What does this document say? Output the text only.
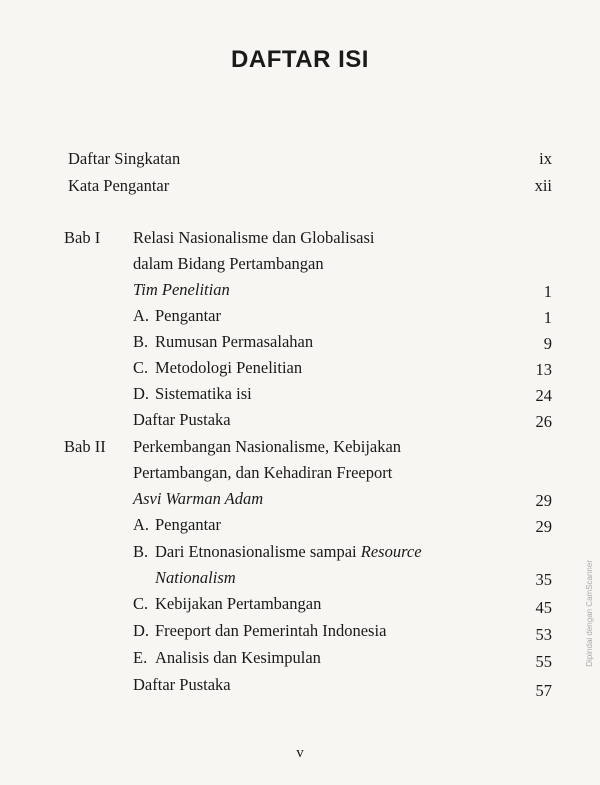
DAFTAR ISI
Daftar Singkatan	ix
Kata Pengantar	xii
Bab I Relasi Nasionalisme dan Globalisasi
dalam Bidang Pertambangan
Tim Penelitian	1
A. Pengantar	1
B. Rumusan Permasalahan	9
C. Metodologi Penelitian	13
D. Sistematika isi	24
Daftar Pustaka	26
Bab II Perkembangan Nasionalisme, Kebijakan
Pertambangan, dan Kehadiran Freeport
Asvi Warman Adam	29
A. Pengantar	29
B. Dari Etnonasionalisme sampai Resource
Nationalism	35
C. Kebijakan Pertambangan	45
D. Freeport dan Pemerintah Indonesia	53
E. Analisis dan Kesimpulan	55
Daftar Pustaka	57
v
Dipindai dengan CamScanner
